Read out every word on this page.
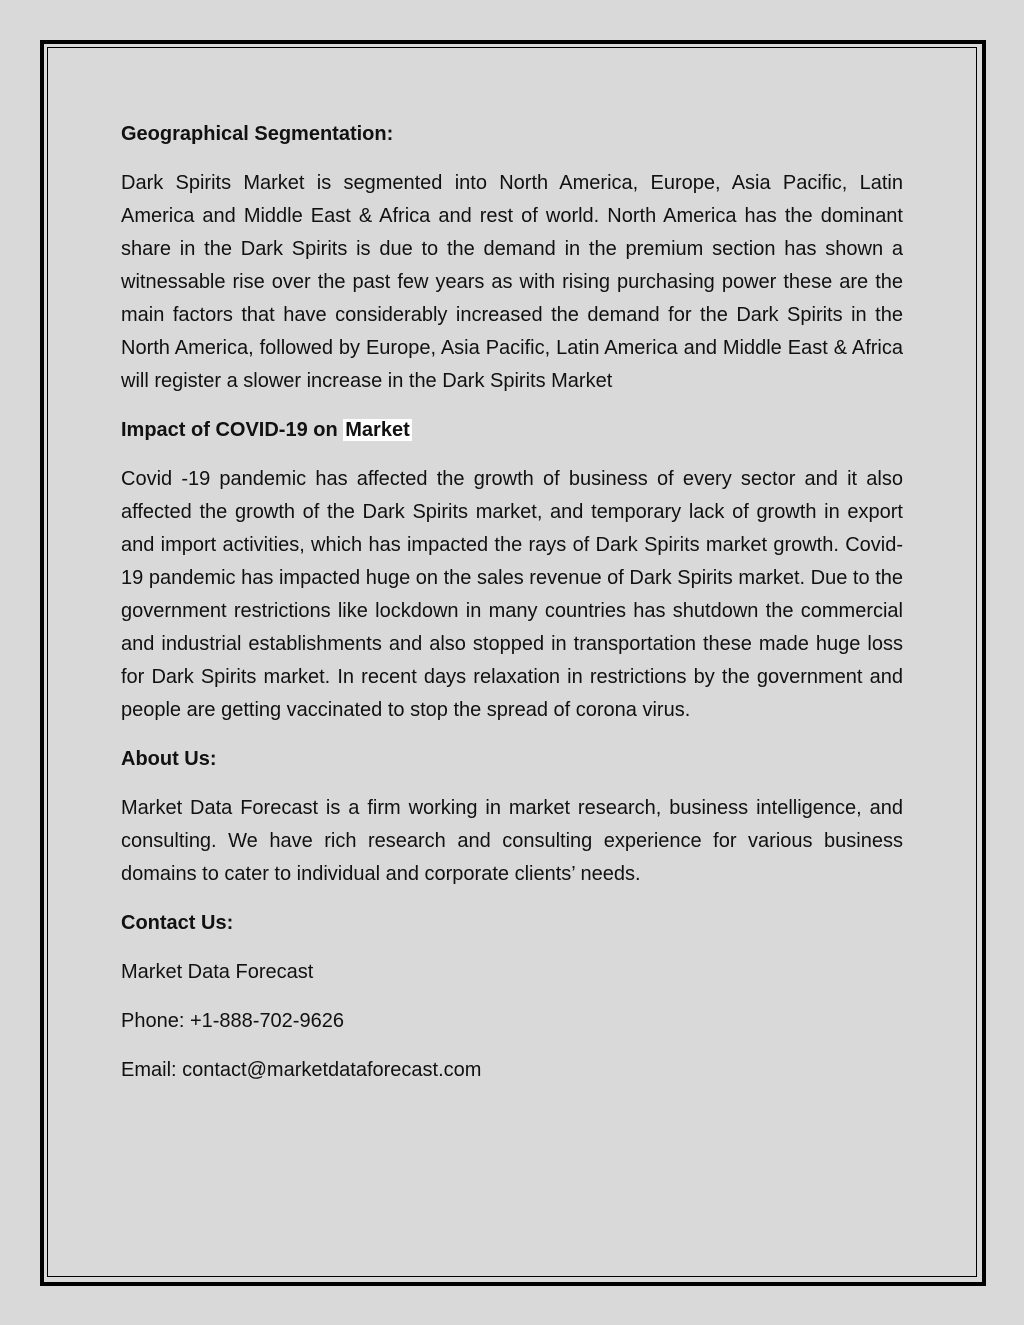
Geographical Segmentation:
Dark Spirits Market is segmented into North America, Europe, Asia Pacific, Latin America and Middle East & Africa and rest of world. North America has the dominant share in the Dark Spirits is due to the demand in the premium section has shown a witnessable rise over the past few years as with rising purchasing power these are the main factors that have considerably increased the demand for the Dark Spirits in the North America, followed by Europe, Asia Pacific, Latin America and Middle East & Africa will register a slower increase in the Dark Spirits Market
Impact of COVID-19 on Market
Covid -19 pandemic has affected the growth of business of every sector and it also affected the growth of the Dark Spirits market, and temporary lack of growth in export and import activities, which has impacted the rays of Dark Spirits market growth. Covid-19 pandemic has impacted huge on the sales revenue of Dark Spirits market. Due to the government restrictions like lockdown in many countries has shutdown the commercial and industrial establishments and also stopped in transportation these made huge loss for Dark Spirits market. In recent days relaxation in restrictions by the government and people are getting vaccinated to stop the spread of corona virus.
About Us:
Market Data Forecast is a firm working in market research, business intelligence, and consulting. We have rich research and consulting experience for various business domains to cater to individual and corporate clients’ needs.
Contact Us:
Market Data Forecast
Phone: +1-888-702-9626
Email: contact@marketdataforecast.com
